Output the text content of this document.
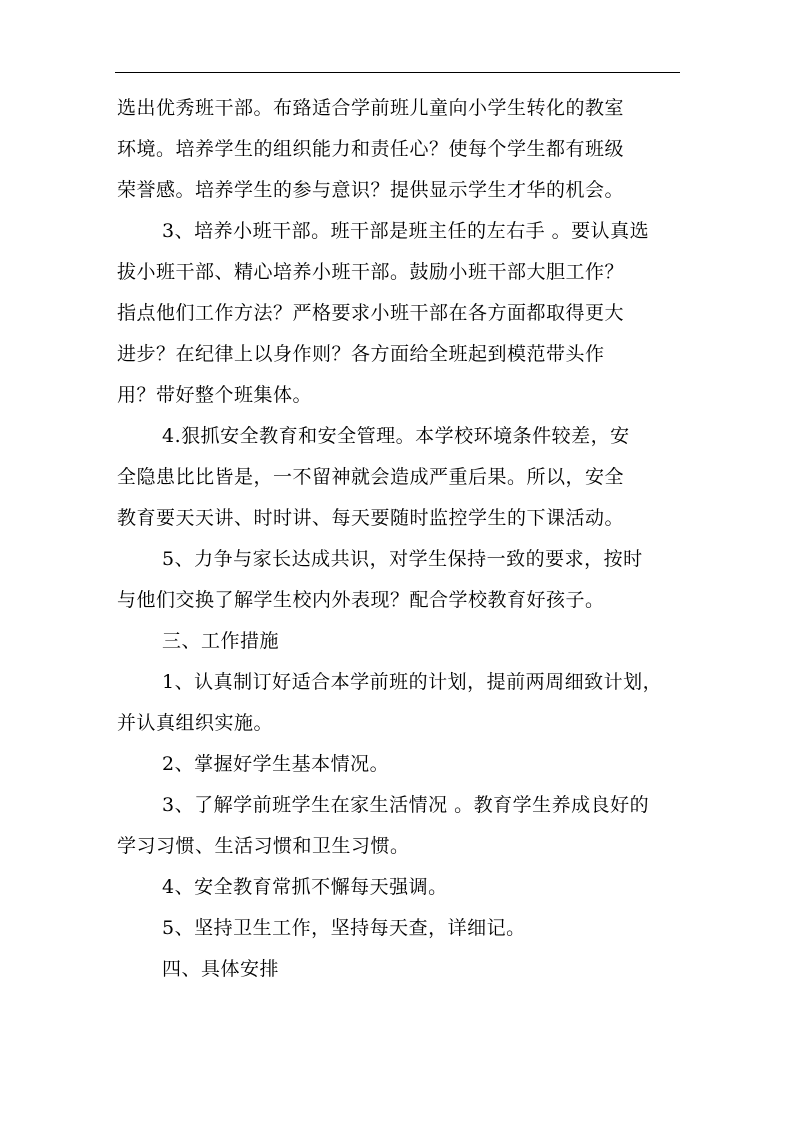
选出优秀班干部。布臵适合学前班儿童向小学生转化的教室
环境。培养学生的组织能力和责任心？使每个学生都有班级
荣誉感。培养学生的参与意识？提供显示学生才华的机会。
3、培养小班干部。班干部是班主任的左右手 。要认真选
拔小班干部、精心培养小班干部。鼓励小班干部大胆工作？
指点他们工作方法？严格要求小班干部在各方面都取得更大
进步？在纪律上以身作则？各方面给全班起到模范带头作
用？带好整个班集体。
4.狠抓安全教育和安全管理。本学校环境条件较差，安
全隐患比比皆是，一不留神就会造成严重后果。所以，安全
教育要天天讲、时时讲、每天要随时监控学生的下课活动。
5、力争与家长达成共识，对学生保持一致的要求，按时
与他们交换了解学生校内外表现？配合学校教育好孩子。
三、工作措施
1、认真制订好适合本学前班的计划，提前两周细致计划，
并认真组织实施。
2、掌握好学生基本情况。
3、了解学前班学生在家生活情况 。教育学生养成良好的
学习习惯、生活习惯和卫生习惯。
4、安全教育常抓不懈每天强调。
5、坚持卫生工作，坚持每天查，详细记。
四、具体安排
